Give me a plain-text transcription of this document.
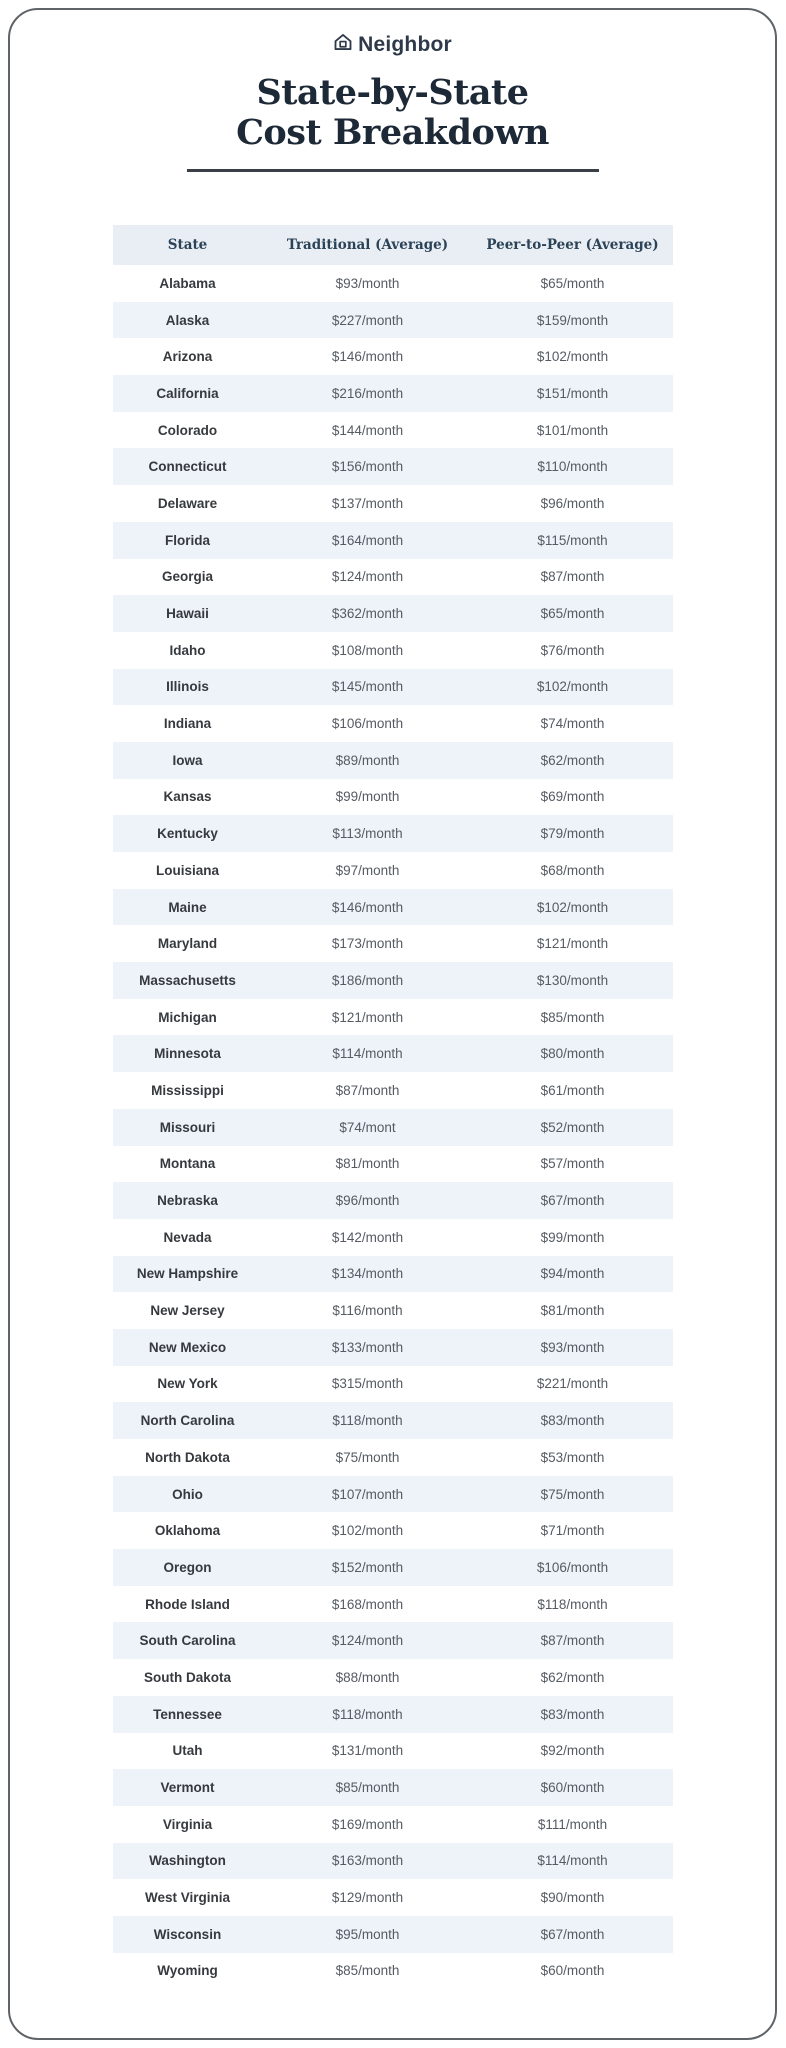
Neighbor
State-by-State
Cost Breakdown
State	Traditional (Average)	Peer-to-Peer (Average)
Alabama	$93/month	$65/month
Alaska	$227/month	$159/month
Arizona	$146/month	$102/month
California	$216/month	$151/month
Colorado	$144/month	$101/month
Connecticut	$156/month	$110/month
Delaware	$137/month	$96/month
Florida	$164/month	$115/month
Georgia	$124/month	$87/month
Hawaii	$362/month	$65/month
Idaho	$108/month	$76/month
Illinois	$145/month	$102/month
Indiana	$106/month	$74/month
Iowa	$89/month	$62/month
Kansas	$99/month	$69/month
Kentucky	$113/month	$79/month
Louisiana	$97/month	$68/month
Maine	$146/month	$102/month
Maryland	$173/month	$121/month
Massachusetts	$186/month	$130/month
Michigan	$121/month	$85/month
Minnesota	$114/month	$80/month
Mississippi	$87/month	$61/month
Missouri	$74/mont	$52/month
Montana	$81/month	$57/month
Nebraska	$96/month	$67/month
Nevada	$142/month	$99/month
New Hampshire	$134/month	$94/month
New Jersey	$116/month	$81/month
New Mexico	$133/month	$93/month
New York	$315/month	$221/month
North Carolina	$118/month	$83/month
North Dakota	$75/month	$53/month
Ohio	$107/month	$75/month
Oklahoma	$102/month	$71/month
Oregon	$152/month	$106/month
Rhode Island	$168/month	$118/month
South Carolina	$124/month	$87/month
South Dakota	$88/month	$62/month
Tennessee	$118/month	$83/month
Utah	$131/month	$92/month
Vermont	$85/month	$60/month
Virginia	$169/month	$111/month
Washington	$163/month	$114/month
West Virginia	$129/month	$90/month
Wisconsin	$95/month	$67/month
Wyoming	$85/month	$60/month
